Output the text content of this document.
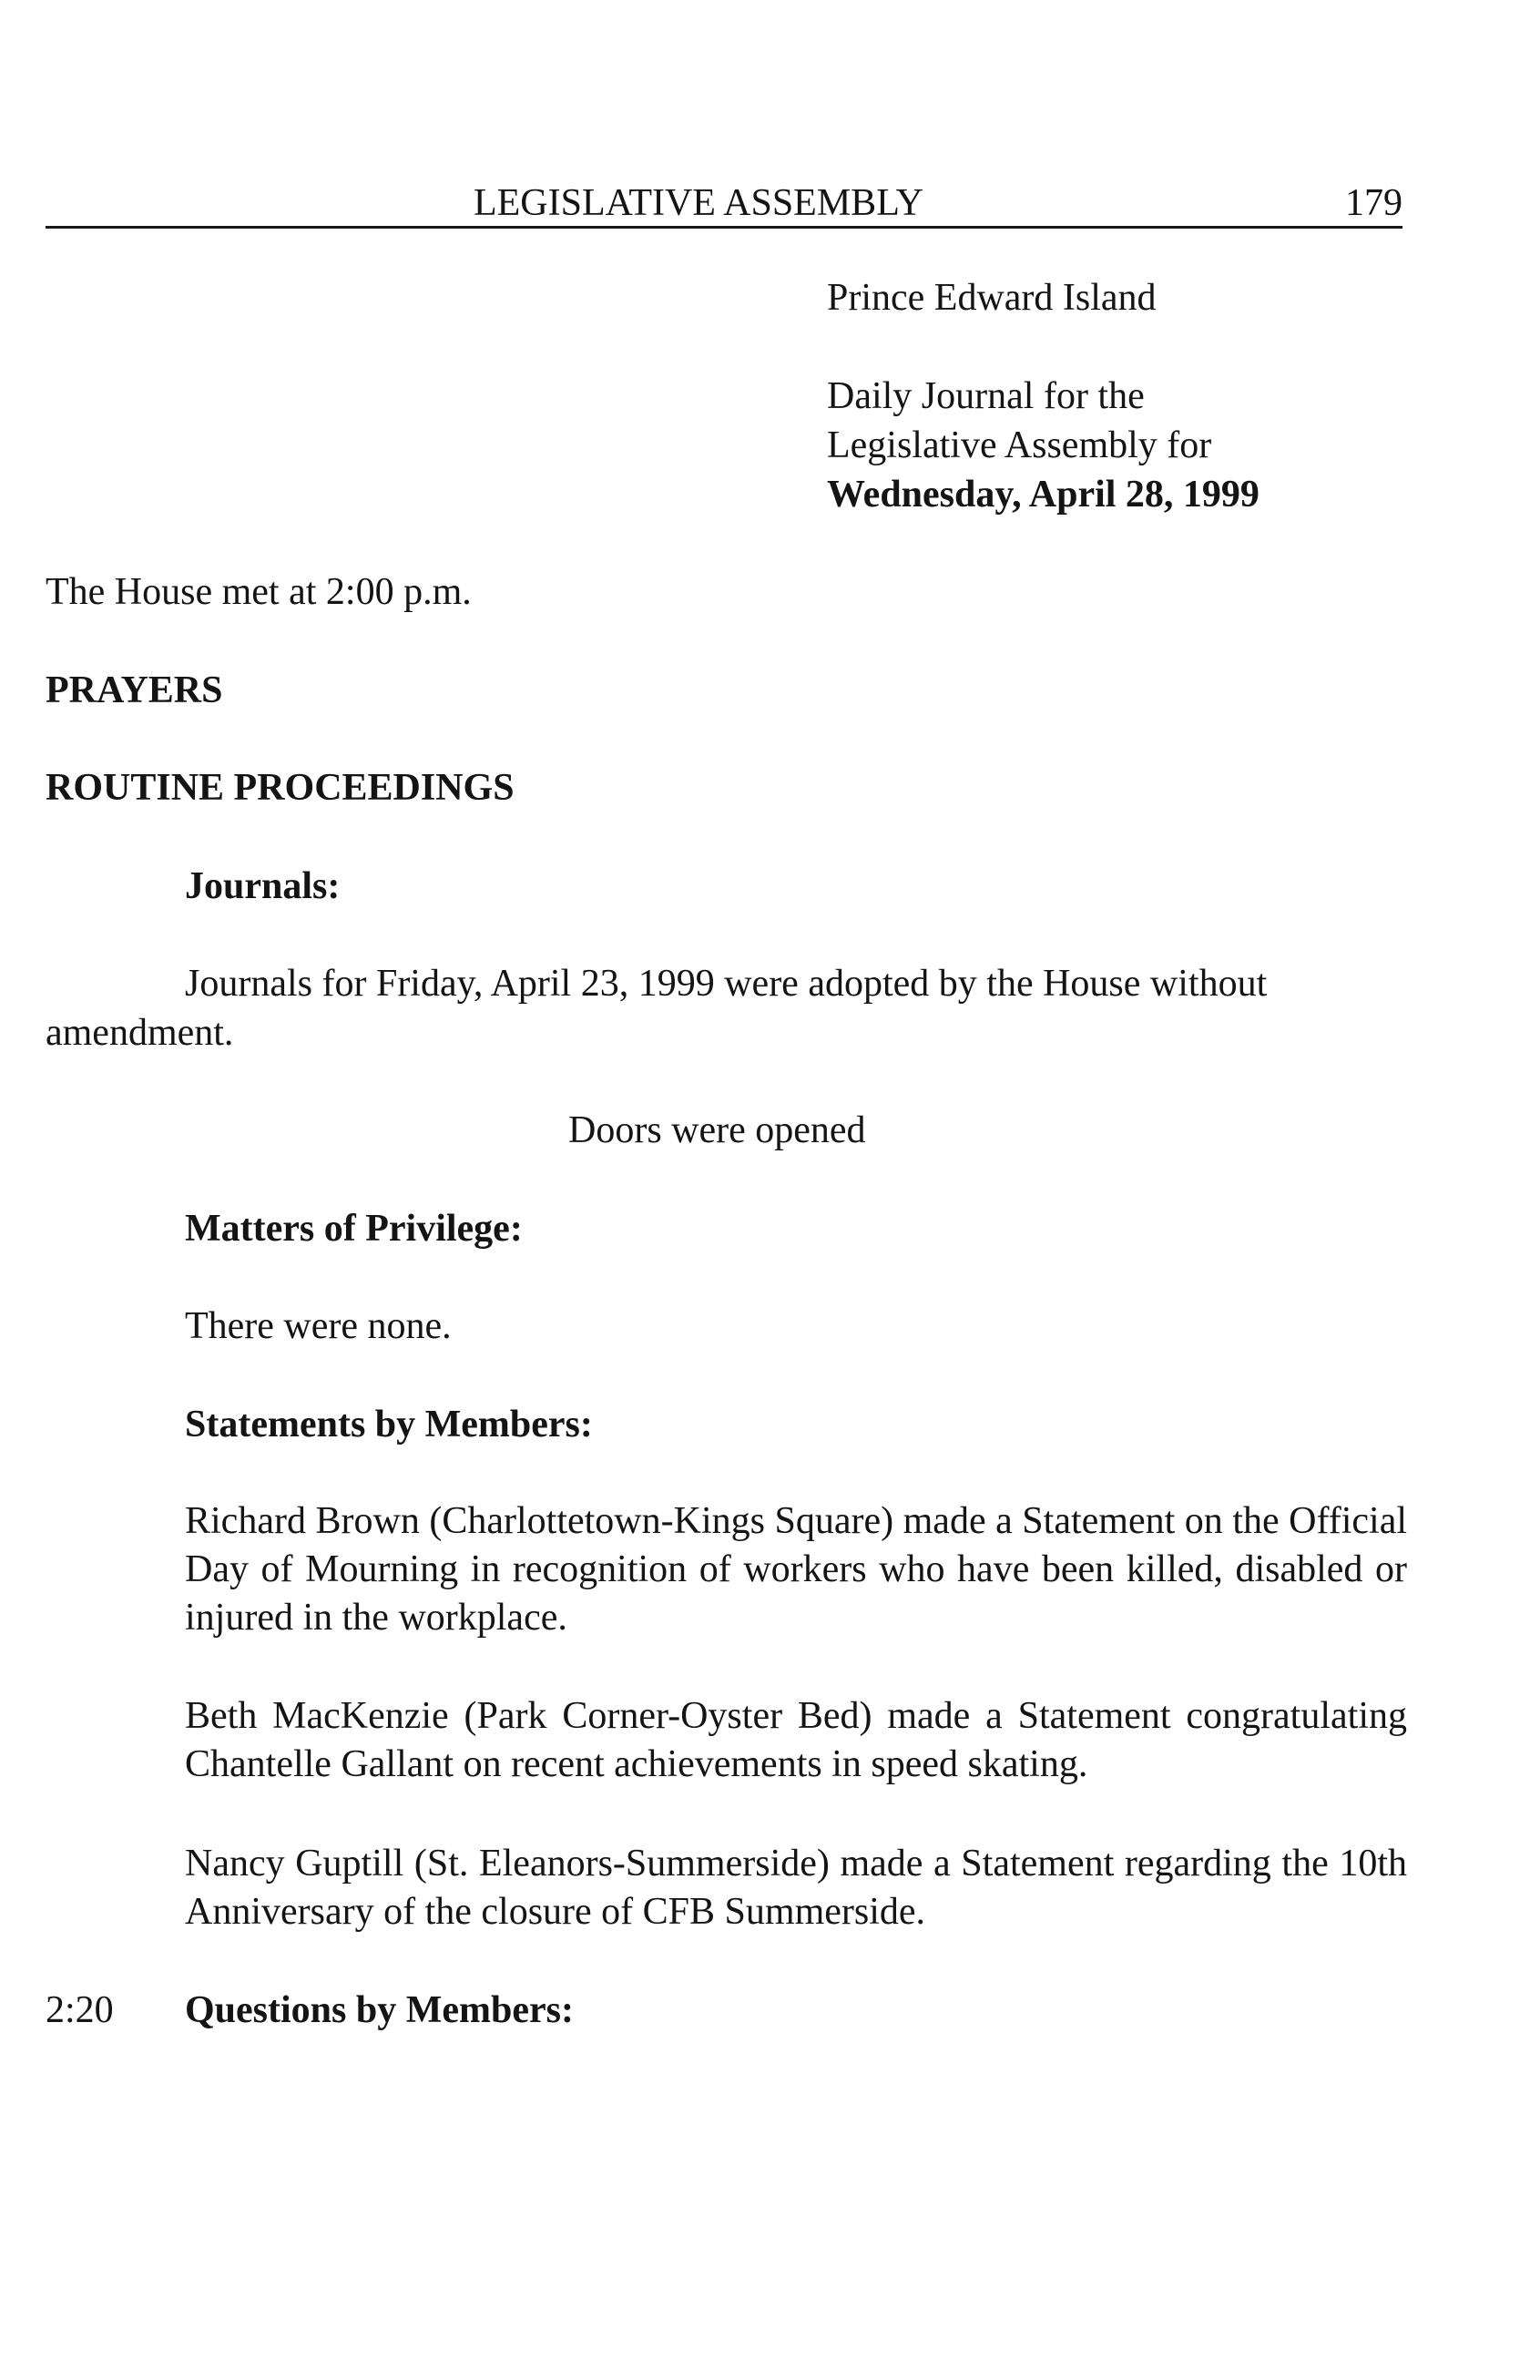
LEGISLATIVE ASSEMBLY	179
Prince Edward Island
Daily Journal for the
Legislative Assembly for
Wednesday, April 28, 1999
The House met at 2:00 p.m.
PRAYERS
ROUTINE PROCEEDINGS
Journals:
Journals for Friday, April 23, 1999 were adopted by the House without
amendment.
Doors were opened
Matters of Privilege:
There were none.
Statements by Members:
Richard Brown (Charlottetown-Kings Square) made a Statement on the Official Day of Mourning in recognition of workers who have been killed, disabled or injured in the workplace.
Beth MacKenzie (Park Corner-Oyster Bed) made a Statement congratulating Chantelle Gallant on recent achievements in speed skating.
Nancy Guptill (St. Eleanors-Summerside) made a Statement regarding the 10th Anniversary of the closure of CFB Summerside.
2:20 Questions by Members:
